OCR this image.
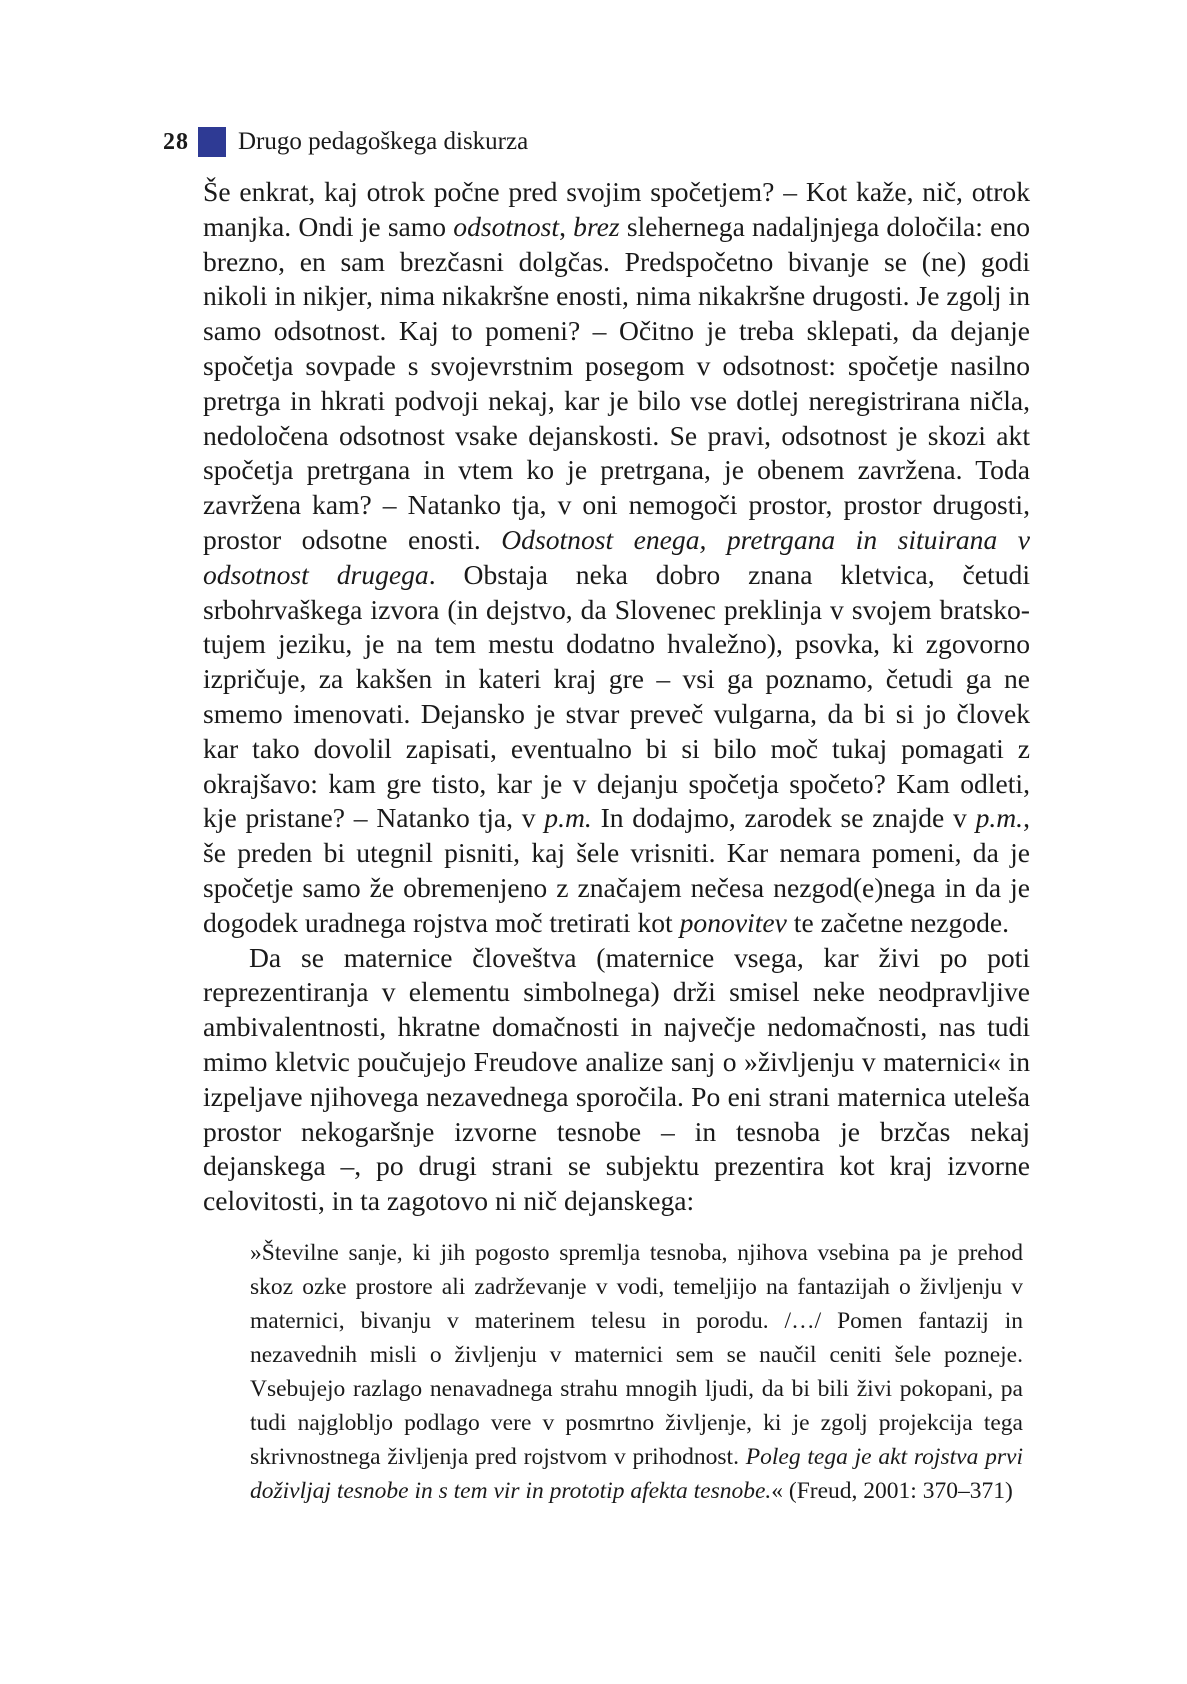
28 Drugo pedagoškega diskurza

Še enkrat, kaj otrok počne pred svojim spočetjem? – Kot kaže, nič, otrok manjka. Ondi je samo odsotnost, brez slehernega nadaljnjega določila: eno brezno, en sam brezčasni dolgčas. Predspočetno bivanje se (ne) godi nikoli in nikjer, nima nikakršne enosti, nima nikakršne drugosti. Je zgolj in samo odsotnost. Kaj to pomeni? – Očitno je treba sklepati, da dejanje spočetja sovpade s svojevrstnim posegom v odsotnost: spočetje nasilno pretrga in hkrati podvoji nekaj, kar je bilo vse dotlej neregistrirana ničla, nedoločena odsotnost vsake dejanskosti. Se pravi, odsotnost je skozi akt spočetja pretrgana in vtem ko je pretrgana, je obenem zavržena. Toda zavržena kam? – Natanko tja, v oni nemogoči prostor, prostor drugosti, prostor odsotne enosti. Odsotnost enega, pretrgana in situirana v odsotnost drugega. Obstaja neka dobro znana kletvica, četudi srbohrvaškega izvora (in dejstvo, da Slovenec preklinja v svojem bratsko-tujem jeziku, je na tem mestu dodatno hvaležno), psovka, ki zgovorno izpričuje, za kakšen in kateri kraj gre – vsi ga poznamo, četudi ga ne smemo imenovati. Dejansko je stvar preveč vulgarna, da bi si jo človek kar tako dovolil zapisati, eventualno bi si bilo moč tukaj pomagati z okrajšavo: kam gre tisto, kar je v dejanju spočetja spočeto? Kam odleti, kje pristane? – Natanko tja, v p.m. In dodajmo, zarodek se znajde v p.m., še preden bi utegnil pisniti, kaj šele vrisniti. Kar nemara pomeni, da je spočetje samo že obremenjeno z značajem nečesa nezgod(e)nega in da je dogodek uradnega rojstva moč tretirati kot ponovitev te začetne nezgode.

Da se maternice človeštva (maternice vsega, kar živi po poti reprezentiranja v elementu simbolnega) drži smisel neke neodpravljive ambivalentnosti, hkratne domačnosti in največje nedomačnosti, nas tudi mimo kletvic poučujejo Freudove analize sanj o »življenju v maternici« in izpeljave njihovega nezavednega sporočila. Po eni strani maternica uteleša prostor nekogaršnje izvorne tesnobe – in tesnoba je brzčas nekaj dejanskega –, po drugi strani se subjektu prezentira kot kraj izvorne celovitosti, in ta zagotovo ni nič dejanskega:

»Številne sanje, ki jih pogosto spremlja tesnoba, njihova vsebina pa je prehod skoz ozke prostore ali zadrževanje v vodi, temeljijo na fantazijah o življenju v maternici, bivanju v materinem telesu in porodu. /…/ Pomen fantazij in nezavednih misli o življenju v maternici sem se naučil ceniti šele pozneje. Vsebujejo razlago nenavadnega strahu mnogih ljudi, da bi bili živi pokopani, pa tudi najglobljo podlago vere v posmrtno življenje, ki je zgolj projekcija tega skrivnostnega življenja pred rojstvom v prihodnost. Poleg tega je akt rojstva prvi doživljaj tesnobe in s tem vir in prototip afekta tesnobe.« (Freud, 2001: 370–371)
